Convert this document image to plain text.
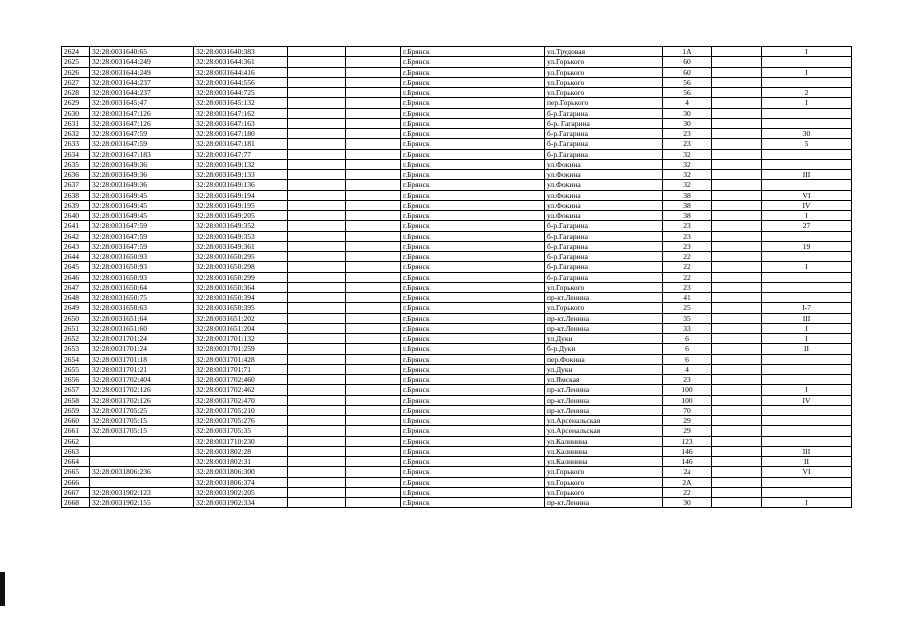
2624	32:28:0031640:65	32:28:0031640:383			г.Брянск	ул.Трудовая	1А		I
2625	32:28:0031644:249	32:28:0031644:361			г.Брянск	ул.Горького	60		
2626	32:28:0031644:249	32:28:0031644:416			г.Брянск	ул.Горького	60		I
2627	32:28:0031644:237	32:28:0031644:556			г.Брянск	ул.Горького	56		
2628	32:28:0031644:237	32:28:0031644:725			г.Брянск	ул.Горького	56		2
2629	32:28:0031645:47	32:28:0031645:132			г.Брянск	пер.Горького	4		I
2630	32:28:0031647:126	32:28:0031647:162			г.Брянск	б-р.Гагарина	30		
2631	32:28:0031647:126	32:28:0031647:163			г.Брянск	б-р. Гагарина	30		
2632	32:28:0031647:59	32:28:0031647:180			г.Брянск	б-р.Гагарина	23		30
2633	32:28:0031647:59	32:28:0031647:181			г.Брянск	б-р.Гагарина	23		5
2634	32:28:0031647:183	32:28:0031647:77			г.Брянск	б-р.Гагарина	32		
2635	32:28:0031649:36	32:28:0031649:132			г.Брянск	ул.Фокина	32		
2636	32:28:0031649:36	32:28:0031649:133			г.Брянск	ул.Фокина	32		III
2637	32:28:0031649:36	32:28:0031649:136			г.Брянск	ул.Фокина	32		
2638	32:28:0031649:45	32:28:0031649:194			г.Брянск	ул.Фокина	38		VI
2639	32:28:0031649:45	32:28:0031649:195			г.Брянск	ул.Фокина	38		IV
2640	32:28:0031649:45	32:28:0031649:205			г.Брянск	ул.Фокина	38		I
2641	32:28:0031647:59	32:28:0031649:352			г.Брянск	б-р.Гагарина	23		27
2642	32:28:0031647:59	32:28:0031649:353			г.Брянск	б-р.Гагарина	23		
2643	32:28:0031647:59	32:28:0031649:361			г.Брянск	б-р.Гагарина	23		19
2644	32:28:0031650:93	32:28:0031650:295			г.Брянск	б-р.Гагарина	22		
2645	32:28:0031650:93	32:28:0031650:298			г.Брянск	б-р.Гагарина	22		I
2646	32:28:0031650:93	32:28:0031650:299			г.Брянск	б-р.Гагарина	22		
2647	32:28:0031650:64	32:28:0031650:364			г.Брянск	ул.Горького	23		
2648	32:28:0031650:75	32:28:0031650:394			г.Брянск	пр-кт.Ленина	41		
2649	32:28:0031650:63	32:28:0031650:395			г.Брянск	ул.Горького	25		I-7
2650	32:28:0031651:64	32:28:0031651:202			г.Брянск	пр-кт.Ленина	35		III
2651	32:28:0031651:60	32:28:0031651:204			г.Брянск	пр-кт.Ленина	33		I
2652	32:28:0031701:24	32:28:0031701:132			г.Брянск	ул.Дуки	6		I
2653	32:28:0031701:24	32:28:0031701:259			г.Брянск	б-р.Дуки	6		II
2654	32:28:0031701:18	32:28:0031701:428			г.Брянск	пер.Фокина	6		
2655	32:28:0031701:21	32:28:0031701:71			г.Брянск	ул.Дуки	4		
2656	32:28:0031702:404	32:28:0031702:460			г.Брянск	ул.Ямская	23		
2657	32:28:0031702:126	32:28:0031702:462			г.Брянск	пр-кт.Ленина	100		I
2658	32:28:0031702:126	32:28:0031702:470			г.Брянск	пр-кт.Ленина	100		IV
2659	32:28:0031705:25	32:28:0031705:210			г.Брянск	пр-кт.Ленина	70		
2660	32:28:0031705:15	32:28:0031705:276			г.Брянск	ул.Арсенальская	29		
2661	32:28:0031705:15	32:28:0031705:35			г.Брянск	ул.Арсенальская	29		
2662		32:28:0031710:230			г.Брянск	ул.Калинина	123		
2663		32:28:0031802:28			г.Брянск	ул.Калинина	146		III
2664		32:28:0031802:31			г.Брянск	ул.Калинина	146		II
2665	32:28:0031806:236	32:28:0031806:300			г.Брянск	ул.Горького	2а		VI
2666		32:28:0031806:374			г.Брянск	ул.Горького	2А		
2667	32:28:0031902:123	32:28:0031902:205			г.Брянск	ул.Горького	22		
2668	32:28:0031902:155	32:28:0031902:334			г.Брянск	пр-кт.Ленина	30		I
